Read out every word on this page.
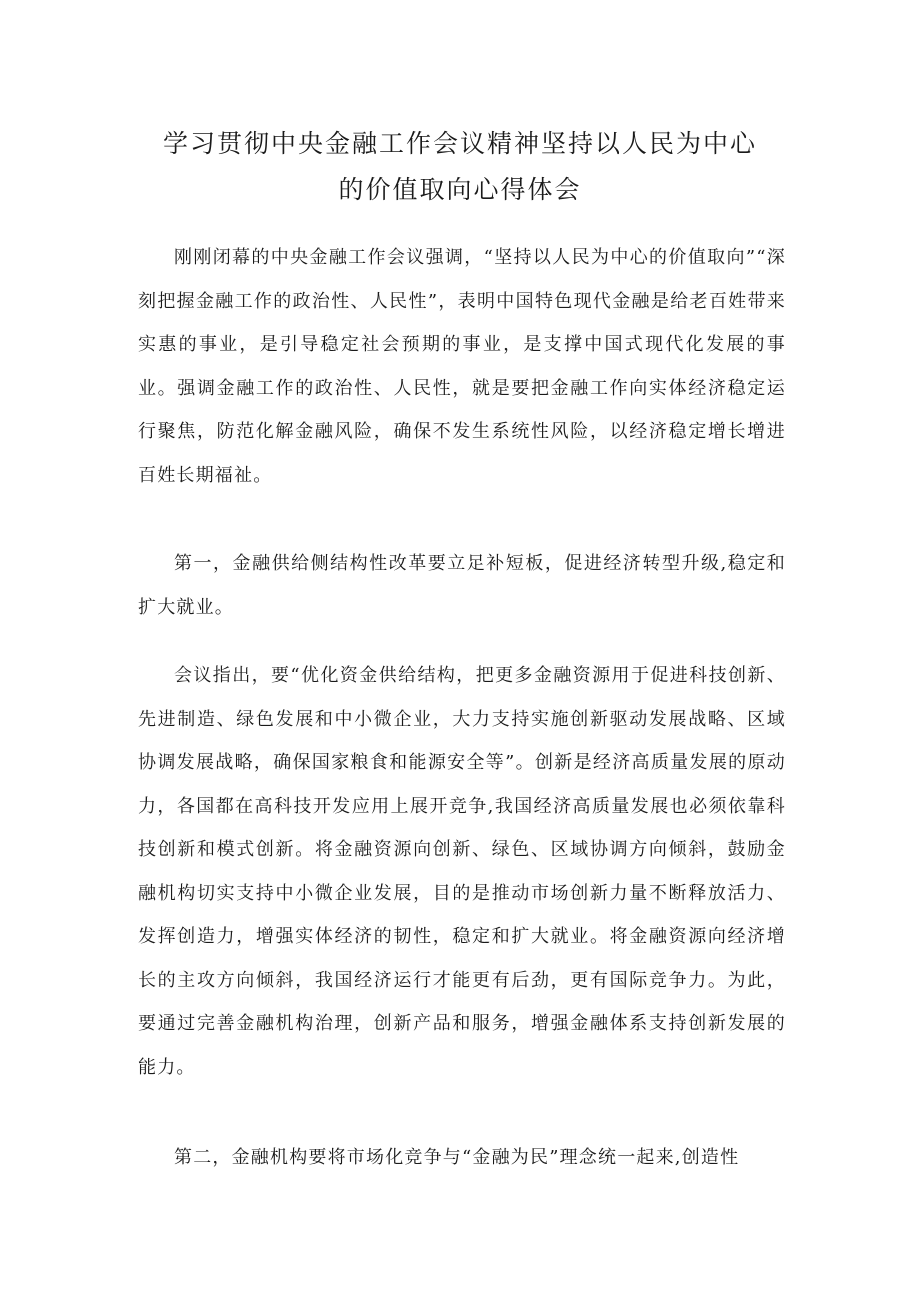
学习贯彻中央金融工作会议精神坚持以人民为中心
的价值取向心得体会

刚刚闭幕的中央金融工作会议强调，“坚持以人民为中心的价值取向”“深刻把握金融工作的政治性、人民性”，表明中国特色现代金融是给老百姓带来实惠的事业，是引导稳定社会预期的事业，是支撑中国式现代化发展的事业。强调金融工作的政治性、人民性，就是要把金融工作向实体经济稳定运行聚焦，防范化解金融风险，确保不发生系统性风险，以经济稳定增长增进百姓长期福祉。

第一，金融供给侧结构性改革要立足补短板，促进经济转型升级,稳定和扩大就业。

会议指出，要“优化资金供给结构，把更多金融资源用于促进科技创新、先进制造、绿色发展和中小微企业，大力支持实施创新驱动发展战略、区域协调发展战略，确保国家粮食和能源安全等”。创新是经济高质量发展的原动力，各国都在高科技开发应用上展开竞争,我国经济高质量发展也必须依靠科技创新和模式创新。将金融资源向创新、绿色、区域协调方向倾斜，鼓励金融机构切实支持中小微企业发展，目的是推动市场创新力量不断释放活力、发挥创造力，增强实体经济的韧性，稳定和扩大就业。将金融资源向经济增长的主攻方向倾斜，我国经济运行才能更有后劲，更有国际竞争力。为此，要通过完善金融机构治理，创新产品和服务，增强金融体系支持创新发展的能力。

第二，金融机构要将市场化竞争与“金融为民”理念统一起来,创造性
